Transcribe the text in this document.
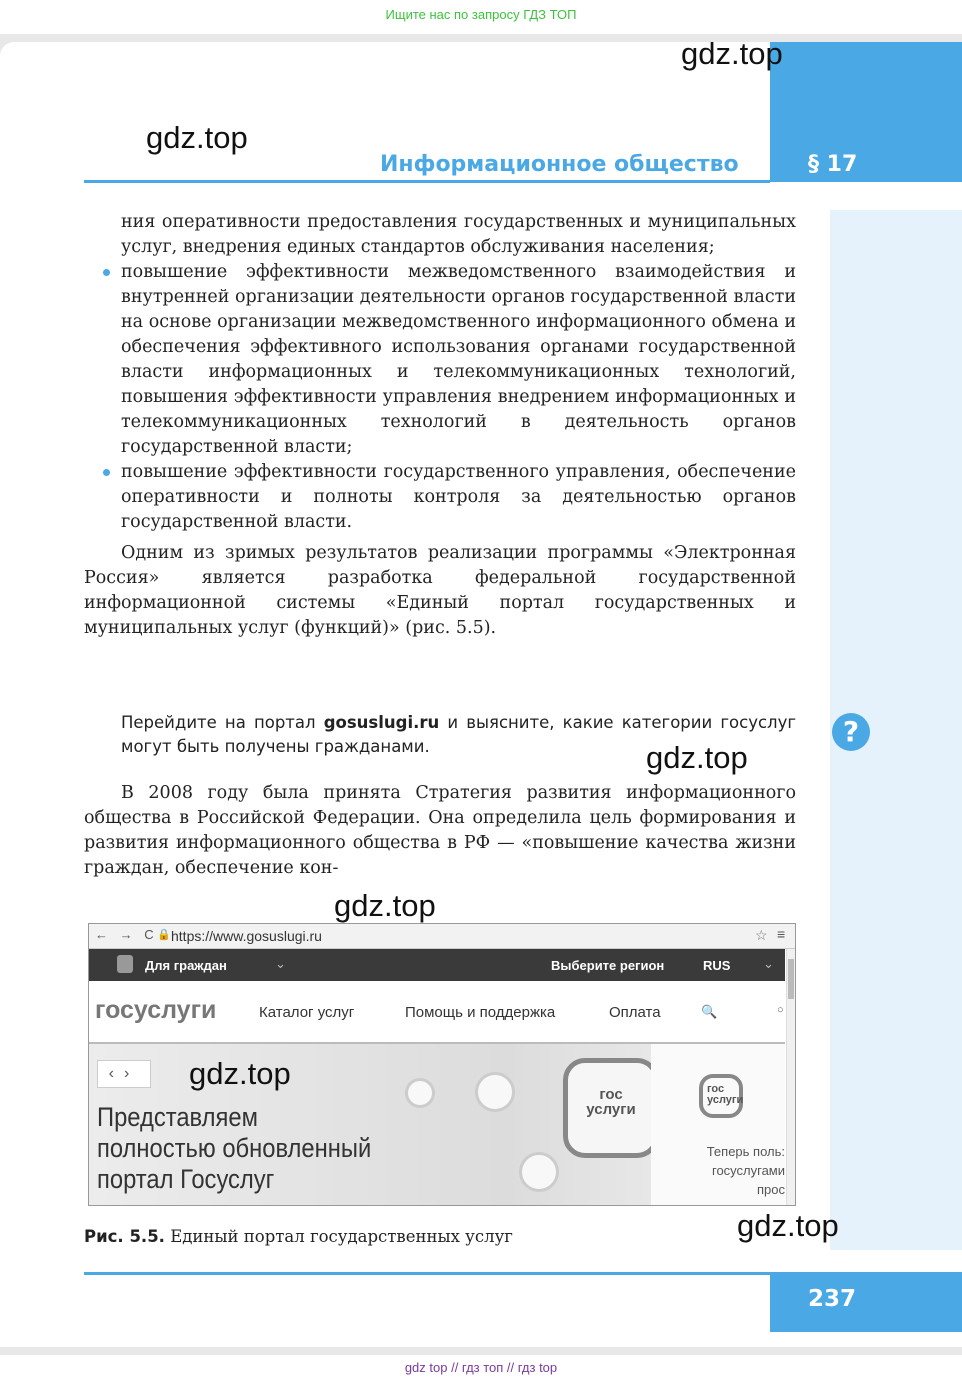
Ищите нас по запросу ГДЗ ТОП
Информационное общество	§ 17
gdz.top
gdz.top

ния оперативности предоставления государственных и муниципальных услуг, внедрения единых стандартов обслуживания населения;

повышение эффективности межведомственного взаимодействия и внутренней организации деятельности органов государственной власти на основе организации межведомственного информационного обмена и обеспечения эффективного использования органами государственной власти информационных и телекоммуникационных технологий, повышения эффективности управления внедрением информационных и телекоммуникационных технологий в деятельность органов государственной власти;

повышение эффективности государственного управления, обеспечение оперативности и полноты контроля за деятельностью органов государственной власти.

Одним из зримых результатов реализации программы «Электронная Россия» является разработка федеральной государственной информационной системы «Единый портал государственных и муниципальных услуг (функций)» (рис. 5.5).

Перейдите на портал gosuslugi.ru и выясните, какие категории госуслуг могут быть получены гражданами.	?
gdz.top

В 2008 году была принята Стратегия развития информационного общества в Российской Федерации. Она определила цель формирования и развития информационного общества в РФ — «повышение качества жизни граждан, обеспечение кон-

gdz.top
← → C 🔒 https://www.gosuslugi.ru	☆ ≡
Для граждан	⌄	Выберите регион	RUS	⌄
госуслуги	Каталог услуг	Помощь и поддержка	Оплата	🔍	○
‹›
Представляем
полностью обновленный
портал Госуслуг
гос
услуги
гос
услуги
Теперь поль:
госуслугами
прос
gdz.top
gdz.top
Рис. 5.5. Единый портал государственных услуг
237
gdz top // гдз топ // гдз top
